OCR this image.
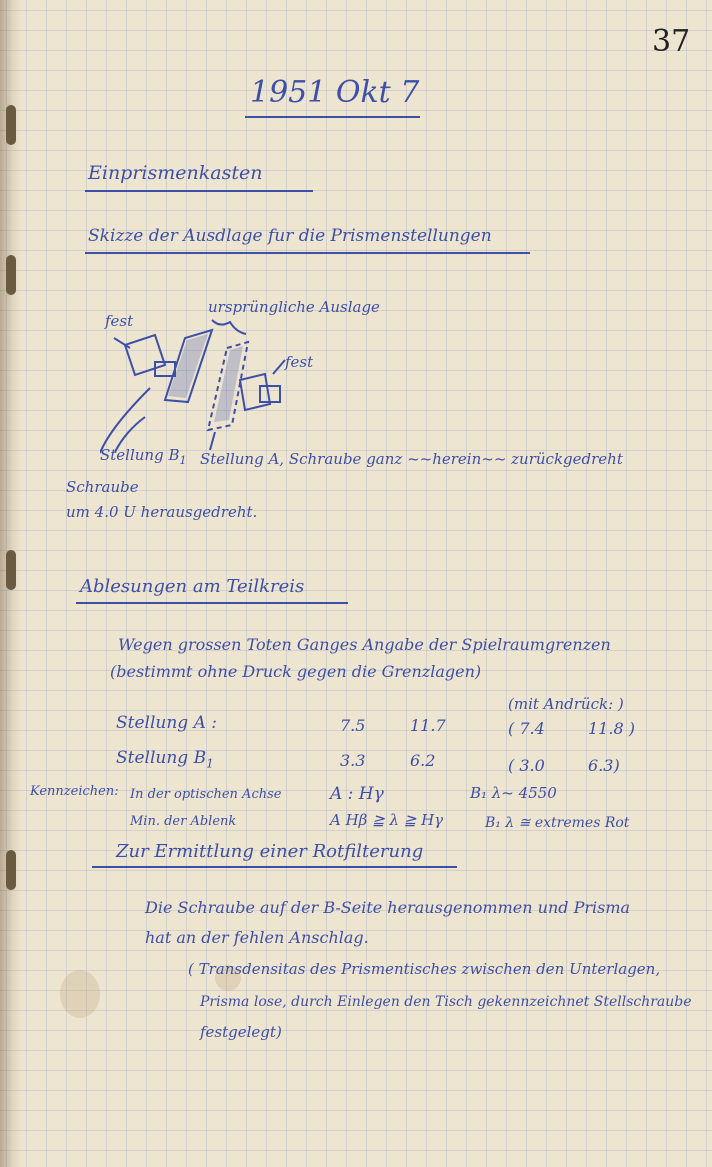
37
1951 Okt 7
Einprismenkasten
Skizze der Ausdlage fur die Prismenstellungen
fest
ursprüngliche Auslage
fest
Stellung $B_1$ Stellung A, Schraube ganz ~~herein~~ zurückgedreht
Schraube
um 4.0 U herausgedreht.
Ablesungen am Teilkreis
Wegen grossen Toten Ganges Angabe der Spielraumgrenzen
(bestimmt ohne Druck gegen die Grenzlagen)
(mit Andrück: )
Stellung A :	7.5	11.7	( 7.4	11.8 )
Stellung $B_1$	3.3	6.2	( 3.0	6.3)
Kennzeichen: In der optischen Achse	A : Hγ	B₁ λ~ 4550
Min. der Ablenk	A Hβ ≧ λ ≧ Hγ	B₁ λ ≅ extremes Rot
Zur Ermittlung einer Rotfilterung
Die Schraube auf der B-Seite herausgenommen und Prisma
hat an der fehlen Anschlag.
( Transdensitas des Prismentisches zwischen den Unterlagen,
Prisma lose, durch Einlegen den Tisch gekennzeichnet Stellschraube
festgelegt)
